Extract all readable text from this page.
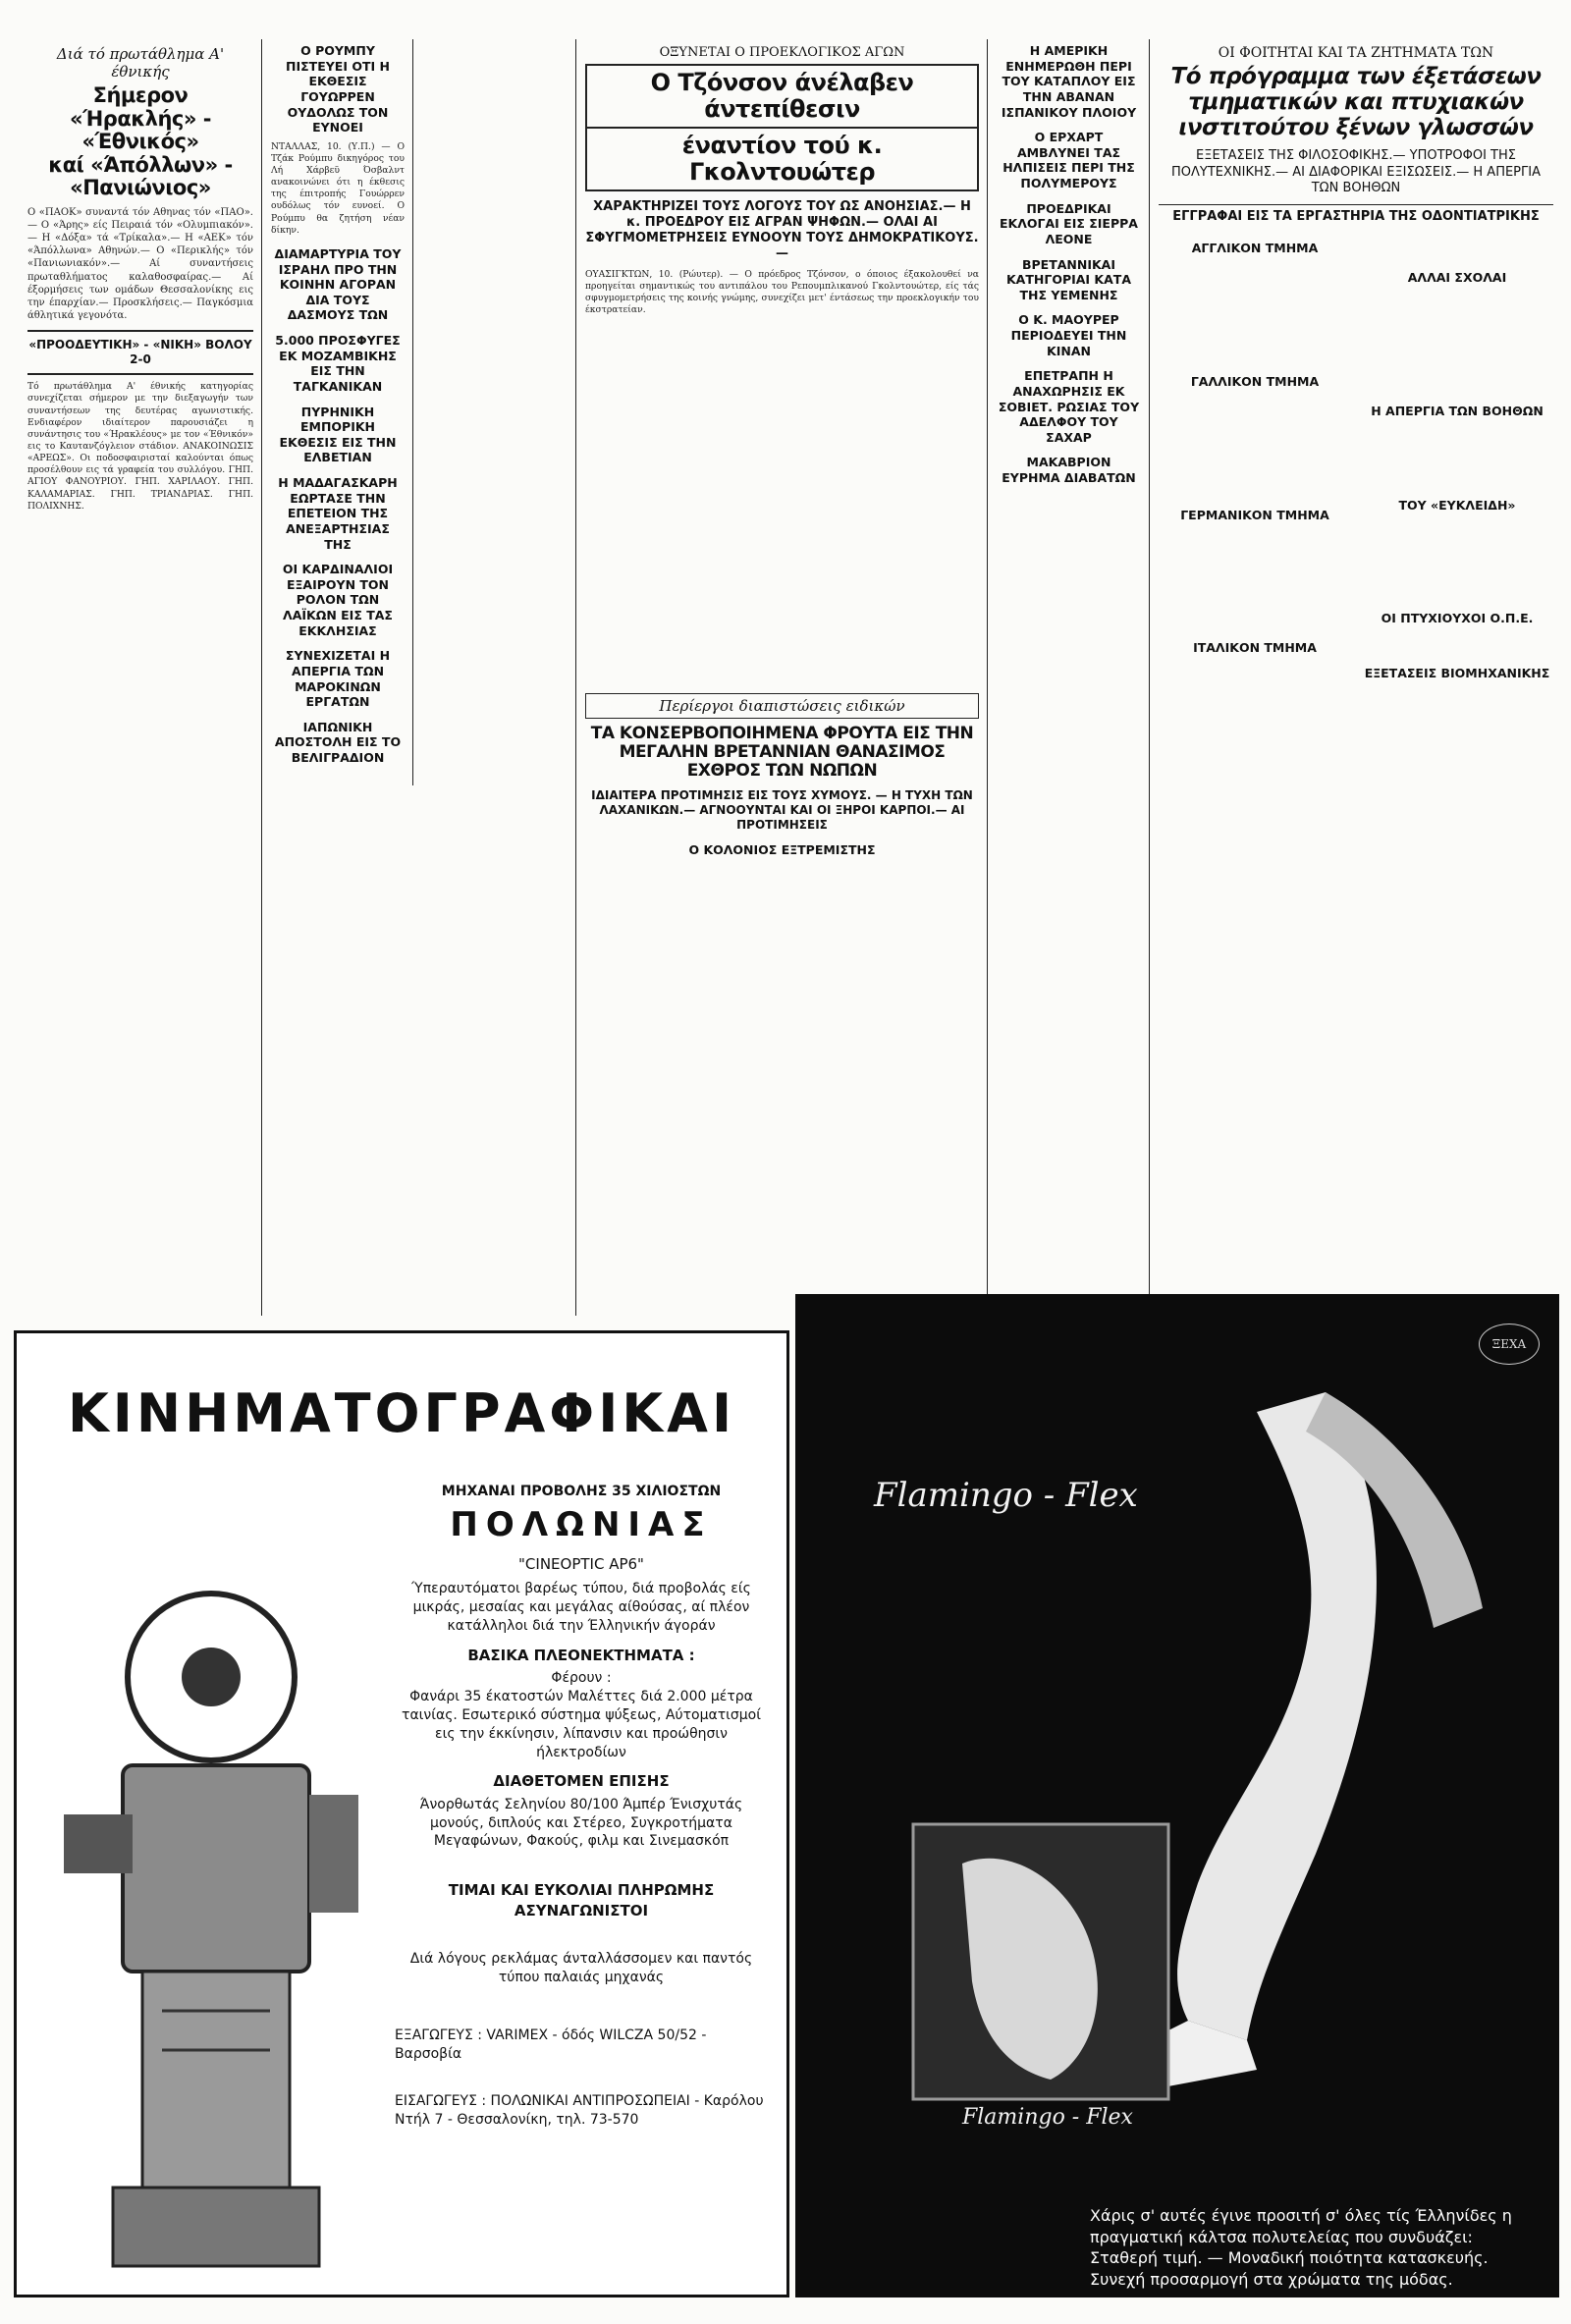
Διά τό πρωτάθλημα Α' έθνικής
Σήμερον «Ήρακλής» - «Έθνικός»
καί «Άπόλλων» - «Πανιώνιος»
Ο «ΠΑΟΚ» συναντά τόν Αθηνας τόν «ΠΑΟ».— Ο «Άρης» είς Πειραιά τόν «Ολυμπιακόν».— Η «Δόξα» τά «Τρίκαλα».— Η «ΑΕΚ» τόν «Άπόλλωνα» Αθηνών.— Ο «Περικλής» τόν «Πανιωνιακόν».— Αί συναντήσεις πρωταθλήματος καλαθοσφαίρας.— Αί έξορμήσεις των ομάδων Θεσσαλονίκης εις την έπαρχίαν.— Προσκλήσεις.— Παγκόσμια άθλητικά γεγονότα.
«ΠΡΟΟΔΕΥΤΙΚΗ» - «ΝΙΚΗ» ΒΟΛΟΥ 2-0
Τό πρωτάθλημα Α' έθνικής κατηγορίας συνεχίζεται σήμερον με την διεξαγωγήν των συναντήσεων της δευτέρας αγωνιστικής. Ενδιαφέρον ιδιαίτερον παρουσιάζει η συνάντησις του «Ήρακλέους» με τον «Έθνικόν» εις το Καυτανζόγλειον στάδιον. ΑΝΑΚΟΙΝΩΣΙΣ «ΑΡΕΩΣ». Οι ποδοσφαιρισταί καλούνται όπως προσέλθουν εις τά γραφεία του συλλόγου. ΓΗΠ. ΑΓΙΟΥ ΦΑΝΟΥΡΙΟΥ. ΓΗΠ. ΧΑΡΙΛΑΟΥ. ΓΗΠ. ΚΑΛΑΜΑΡΙΑΣ. ΓΗΠ. ΤΡΙΑΝΔΡΙΑΣ. ΓΗΠ. ΠΟΛΙΧΝΗΣ.
Ο ΡΟΥΜΠΥ ΠΙΣΤΕΥΕΙ ΟΤΙ Η ΕΚΘΕΣΙΣ ΓΟΥΩΡΡΕΝ ΟΥΔΟΛΩΣ ΤΟΝ ΕΥΝΟΕΙ
ΝΤΑΛΛΑΣ, 10. (Υ.Π.) — Ο Τζάκ Ρούμπυ δικηγόρος του Λή Χάρβεϋ Όσβαλντ ανακοινώνει ότι η έκθεσις της έπιτροπής Γουώρρεν ουδόλως τόν ευνοεί. Ο Ρούμπυ θα ζητήση νέαν δίκην.
ΔΙΑΜΑΡΤΥΡΙΑ ΤΟΥ ΙΣΡΑΗΛ ΠΡΟ ΤΗΝ ΚΟΙΝΗΝ ΑΓΟΡΑΝ ΔΙΑ ΤΟΥΣ ΔΑΣΜΟΥΣ ΤΩΝ
5.000 ΠΡΟΣΦΥΓΕΣ ΕΚ ΜΟΖΑΜΒΙΚΗΣ ΕΙΣ ΤΗΝ ΤΑΓΚΑΝΙΚΑΝ
ΠΥΡΗΝΙΚΗ ΕΜΠΟΡΙΚΗ ΕΚΘΕΣΙΣ ΕΙΣ ΤΗΝ ΕΛΒΕΤΙΑΝ
Η ΜΑΔΑΓΑΣΚΑΡΗ ΕΩΡΤΑΣΕ ΤΗΝ ΕΠΕΤΕΙΟΝ ΤΗΣ ΑΝΕΞΑΡΤΗΣΙΑΣ ΤΗΣ
ΟΙ ΚΑΡΔΙΝΑΛΙΟΙ ΕΞΑΙΡΟΥΝ ΤΟΝ ΡΟΛΟΝ ΤΩΝ ΛΑΪΚΩΝ ΕΙΣ ΤΑΣ ΕΚΚΛΗΣΙΑΣ
ΣΥΝΕΧΙΖΕΤΑΙ Η ΑΠΕΡΓΙΑ ΤΩΝ ΜΑΡΟΚΙΝΩΝ ΕΡΓΑΤΩΝ
ΙΑΠΩΝΙΚΗ ΑΠΟΣΤΟΛΗ ΕΙΣ ΤΟ ΒΕΛΙΓΡΑΔΙΟΝ
ΟΞΥΝΕΤΑΙ Ο ΠΡΟΕΚΛΟΓΙΚΟΣ ΑΓΩΝ
Ο Τζόνσον άνέλαβεν άντεπίθεσιν
έναντίον τού κ. Γκολντουώτερ
ΧΑΡΑΚΤΗΡΙΖΕΙ ΤΟΥΣ ΛΟΓΟΥΣ ΤΟΥ ΩΣ ΑΝΟΗΣΙΑΣ.— Η κ. ΠΡΟΕΔΡΟΥ ΕΙΣ ΑΓΡΑΝ ΨΗΦΩΝ.— ΟΛΑΙ ΑΙ ΣΦΥΓΜΟΜΕΤΡΗΣΕΙΣ ΕΥΝΟΟΥΝ ΤΟΥΣ ΔΗΜΟΚΡΑΤΙΚΟΥΣ.—
ΟΥΑΣΙΓΚΤΩΝ, 10. (Ρώυτερ). — Ο πρόεδρος Τζόνσον, ο όποιος έξακολουθεί να προηγείται σημαντικώς του αντιπάλου του Ρεπουμπλικανού Γκολντουώτερ, είς τάς σφυγμομετρήσεις της κοινής γνώμης, συνεχίζει μετ' έντάσεως την προεκλογικήν του έκστρατείαν.
Η ΑΜΕΡΙΚΗ ΕΝΗΜΕΡΩΘΗ ΠΕΡΙ ΤΟΥ ΚΑΤΑΠΛΟΥ ΕΙΣ ΤΗΝ ΑΒΑΝΑΝ ΙΣΠΑΝΙΚΟΥ ΠΛΟΙΟΥ
Ο ΕΡΧΑΡΤ ΑΜΒΛΥΝΕΙ ΤΑΣ ΗΛΠΙΣΕΙΣ ΠΕΡΙ ΤΗΣ ΠΟΛΥΜΕΡΟΥΣ
ΠΡΟΕΔΡΙΚΑΙ ΕΚΛΟΓΑΙ ΕΙΣ ΣΙΕΡΡΑ ΛΕΟΝΕ
ΒΡΕΤΑΝΝΙΚΑΙ ΚΑΤΗΓΟΡΙΑΙ ΚΑΤΑ ΤΗΣ ΥΕΜΕΝΗΣ
Ο Κ. ΜΑΟΥΡΕΡ ΠΕΡΙΟΔΕΥΕΙ ΤΗΝ ΚΙΝΑΝ
ΕΠΕΤΡΑΠΗ Η ΑΝΑΧΩΡΗΣΙΣ ΕΚ ΣΟΒΙΕΤ. ΡΩΣΙΑΣ ΤΟΥ ΑΔΕΛΦΟΥ ΤΟΥ ΣΑΧΑΡ
ΜΑΚΑΒΡΙΟΝ ΕΥΡΗΜΑ ΔΙΑΒΑΤΩΝ
ΟΙ ΦΟΙΤΗΤΑΙ ΚΑΙ ΤΑ ΖΗΤΗΜΑΤΑ ΤΩΝ
Τό πρόγραμμα των έξετάσεων
τμηματικών και πτυχιακών
ινστιτούτου ξένων γλωσσών
ΕΞΕΤΑΣΕΙΣ ΤΗΣ ΦΙΛΟΣΟΦΙΚΗΣ.— ΥΠΟΤΡΟΦΟΙ ΤΗΣ ΠΟΛΥΤΕΧΝΙΚΗΣ.— ΑΙ ΔΙΑΦΟΡΙΚΑΙ ΕΞΙΣΩΣΕΙΣ.— Η ΑΠΕΡΓΙΑ ΤΩΝ ΒΟΗΘΩΝ
ΕΓΓΡΑΦΑΙ ΕΙΣ ΤΑ ΕΡΓΑΣΤΗΡΙΑ ΤΗΣ ΟΔΟΝΤΙΑΤΡΙΚΗΣ
ΑΓΓΛΙΚΟΝ ΤΜΗΜΑ
ΓΑΛΛΙΚΟΝ ΤΜΗΜΑ
ΓΕΡΜΑΝΙΚΟΝ ΤΜΗΜΑ
ΙΤΑΛΙΚΟΝ ΤΜΗΜΑ
ΑΛΛΑΙ ΣΧΟΛΑΙ
Η ΑΠΕΡΓΙΑ ΤΩΝ ΒΟΗΘΩΝ
ΤΟΥ «ΕΥΚΛΕΙΔΗ»
ΟΙ ΠΤΥΧΙΟΥΧΟΙ Ο.Π.Ε.
ΕΞΕΤΑΣΕΙΣ ΒΙΟΜΗΧΑΝΙΚΗΣ
Περίεργοι διαπιστώσεις ειδικών
ΤΑ ΚΟΝΣΕΡΒΟΠΟΙΗΜΕΝΑ ΦΡΟΥΤΑ ΕΙΣ ΤΗΝ ΜΕΓΑΛΗΝ ΒΡΕΤΑΝΝΙΑΝ ΘΑΝΑΣΙΜΟΣ ΕΧΘΡΟΣ ΤΩΝ ΝΩΠΩΝ
ΙΔΙΑΙΤΕΡΑ ΠΡΟΤΙΜΗΣΙΣ ΕΙΣ ΤΟΥΣ ΧΥΜΟΥΣ. — Η ΤΥΧΗ ΤΩΝ ΛΑΧΑΝΙΚΩΝ.— ΑΓΝΟΟΥΝΤΑΙ ΚΑΙ ΟΙ ΞΗΡΟΙ ΚΑΡΠΟΙ.— ΑΙ ΠΡΟΤΙΜΗΣΕΙΣ
Ο ΚΟΛΟΝΙΟΣ ΕΞΤΡΕΜΙΣΤΗΣ
ΚΙΝΗΜΑΤΟΓΡΑΦΙΚΑΙ
ΜΗΧΑΝΑΙ ΠΡΟΒΟΛΗΣ 35 ΧΙΛΙΟΣΤΩΝ
ΠΟΛΩΝΙΑΣ
"CINEOPTIC AP6"
Ύπεραυτόματοι βαρέως τύπου, διά προβολάς είς μικράς, μεσαίας και μεγάλας αίθούσας, αί πλέον κατάλληλοι διά την Έλληνικήν άγοράν
ΒΑΣΙΚΑ ΠΛΕΟΝΕΚΤΗΜΑΤΑ :
Φέρουν :
Φανάρι 35 έκατοστών Μαλέττες διά 2.000 μέτρα ταινίας. Εσωτερικό σύστημα ψύξεως, Αύτοματισμοί εις την έκκίνησιν, λίπανσιν και προώθησιν ήλεκτροδίων
ΔΙΑΘΕΤΟΜΕΝ ΕΠΙΣΗΣ
Άνορθωτάς Σεληνίου 80/100 Άμπέρ Ένισχυτάς μονούς, διπλούς και Στέρεο, Συγκροτήματα Μεγαφώνων, Φακούς, φιλμ και Σινεμασκόπ
ΤΙΜΑΙ ΚΑΙ ΕΥΚΟΛΙΑΙ ΠΛΗΡΩΜΗΣ ΑΣΥΝΑΓΩΝΙΣΤΟΙ
Διά λόγους ρεκλάμας άνταλλάσσομεν και παντός τύπου παλαιάς μηχανάς
ΕΞΑΓΩΓΕΥΣ : VARIMEX - όδός WILCZA 50/52 - Βαρσοβία
ΕΙΣΑΓΩΓΕΥΣ : ΠΟΛΩΝΙΚΑΙ ΑΝΤΙΠΡΟΣΩΠΕΙΑΙ - Καρόλου Ντήλ 7 - Θεσσαλονίκη, τηλ. 73-570
ΞΕΧΑ
Flamingo - Flex
Flamingo - Flex
Χάρις σ' αυτές έγινε προσιτή σ' όλες τίς Έλληνίδες η πραγματική κάλτσα πολυτελείας που συνδυάζει: Σταθερή τιμή. — Μοναδική ποιότητα κατασκευής. Συνεχή προσαρμογή στα χρώματα της μόδας.
